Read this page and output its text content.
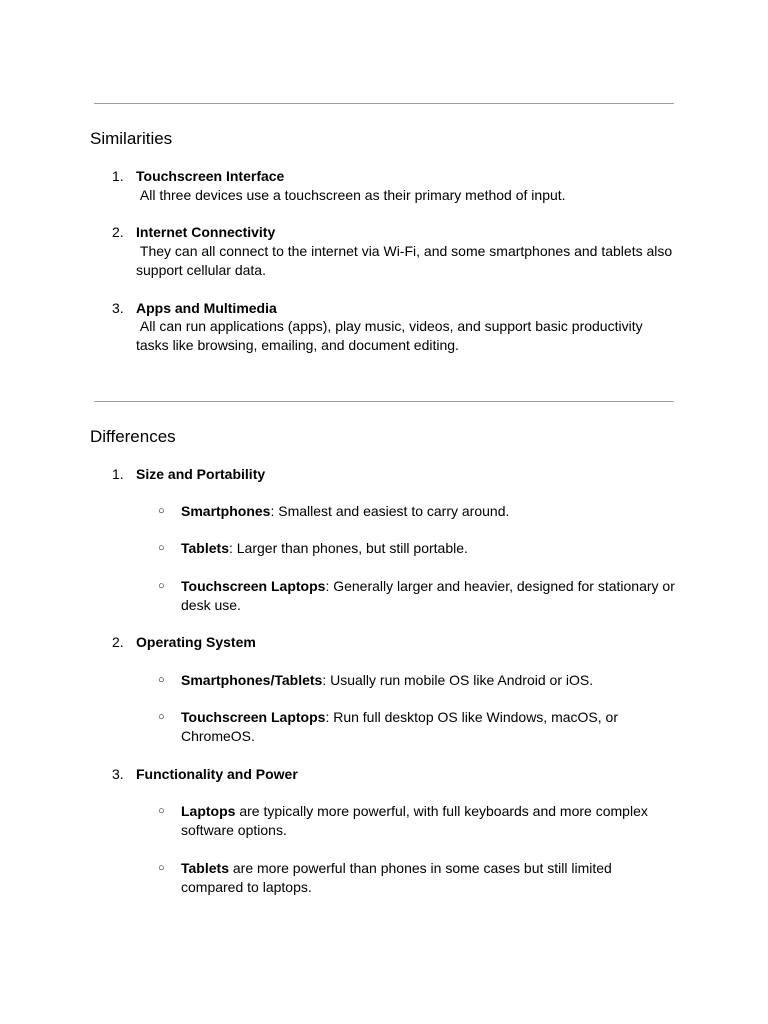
Similarities
1. Touchscreen Interface
All three devices use a touchscreen as their primary method of input.
2. Internet Connectivity
They can all connect to the internet via Wi-Fi, and some smartphones and tablets also support cellular data.
3. Apps and Multimedia
All can run applications (apps), play music, videos, and support basic productivity tasks like browsing, emailing, and document editing.
Differences
1. Size and Portability
○	Smartphones: Smallest and easiest to carry around.
○	Tablets: Larger than phones, but still portable.
○	Touchscreen Laptops: Generally larger and heavier, designed for stationary or desk use.
2. Operating System
○	Smartphones/Tablets: Usually run mobile OS like Android or iOS.
○	Touchscreen Laptops: Run full desktop OS like Windows, macOS, or ChromeOS.
3. Functionality and Power
○	Laptops are typically more powerful, with full keyboards and more complex software options.
○	Tablets are more powerful than phones in some cases but still limited compared to laptops.
